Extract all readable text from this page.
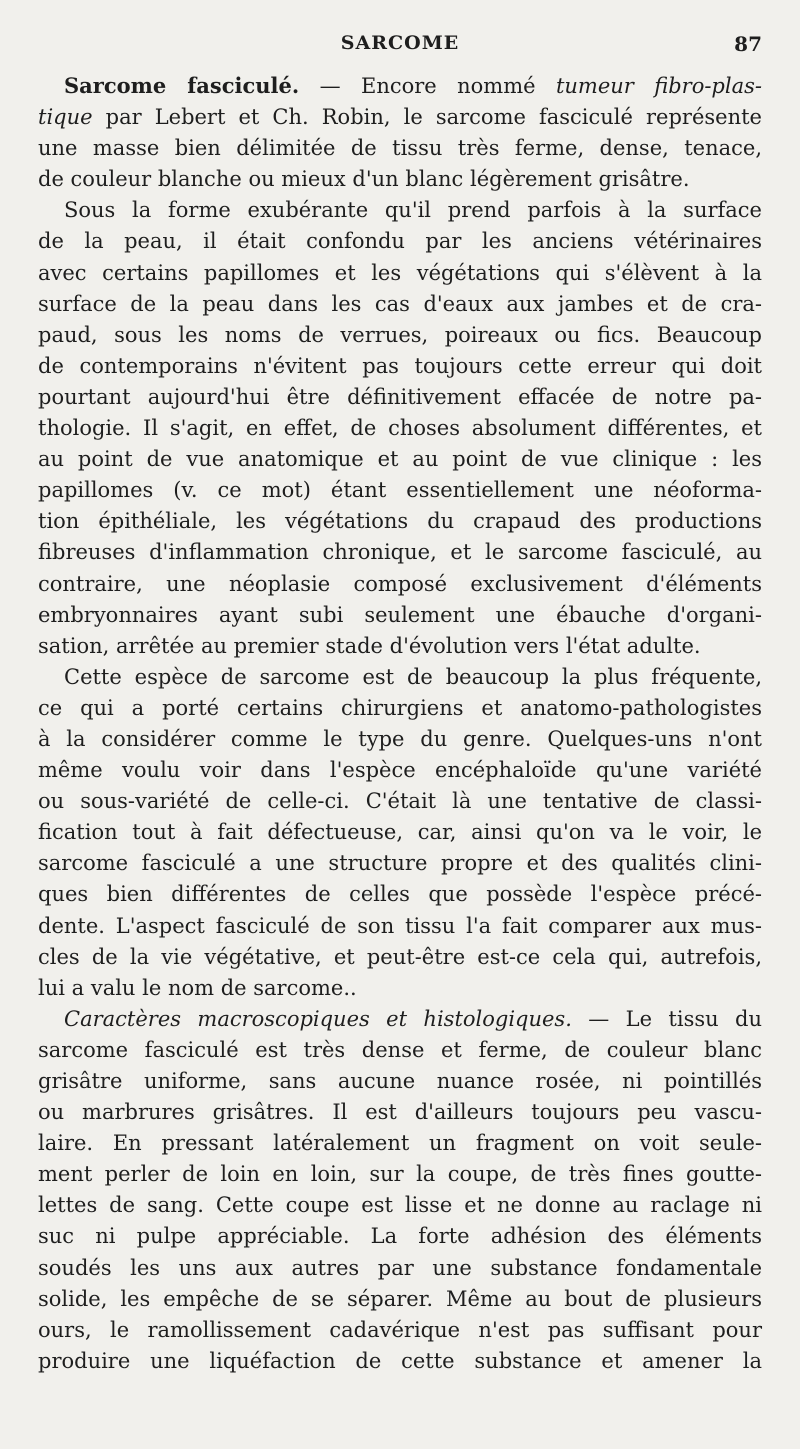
SARCOME	87
Sarcome fasciculé. — Encore nommé tumeur fibro-plas-
tique par Lebert et Ch. Robin, le sarcome fasciculé représente
une masse bien délimitée de tissu très ferme, dense, tenace,
de couleur blanche ou mieux d'un blanc légèrement grisâtre.
Sous la forme exubérante qu'il prend parfois à la surface
de la peau, il était confondu par les anciens vétérinaires
avec certains papillomes et les végétations qui s'élèvent à la
surface de la peau dans les cas d'eaux aux jambes et de cra-
paud, sous les noms de verrues, poireaux ou fics. Beaucoup
de contemporains n'évitent pas toujours cette erreur qui doit
pourtant aujourd'hui être définitivement effacée de notre pa-
thologie. Il s'agit, en effet, de choses absolument différentes, et
au point de vue anatomique et au point de vue clinique : les
papillomes (v. ce mot) étant essentiellement une néoforma-
tion épithéliale, les végétations du crapaud des productions
fibreuses d'inflammation chronique, et le sarcome fasciculé, au
contraire, une néoplasie composé exclusivement d'éléments
embryonnaires ayant subi seulement une ébauche d'organi-
sation, arrêtée au premier stade d'évolution vers l'état adulte.
Cette espèce de sarcome est de beaucoup la plus fréquente,
ce qui a porté certains chirurgiens et anatomo-pathologistes
à la considérer comme le type du genre. Quelques-uns n'ont
même voulu voir dans l'espèce encéphaloïde qu'une variété
ou sous-variété de celle-ci. C'était là une tentative de classi-
fication tout à fait défectueuse, car, ainsi qu'on va le voir, le
sarcome fasciculé a une structure propre et des qualités clini-
ques bien différentes de celles que possède l'espèce précé-
dente. L'aspect fasciculé de son tissu l'a fait comparer aux mus-
cles de la vie végétative, et peut-être est-ce cela qui, autrefois,
lui a valu le nom de sarcome..
Caractères macroscopiques et histologiques. — Le tissu du
sarcome fasciculé est très dense et ferme, de couleur blanc
grisâtre uniforme, sans aucune nuance rosée, ni pointillés
ou marbrures grisâtres. Il est d'ailleurs toujours peu vascu-
laire. En pressant latéralement un fragment on voit seule-
ment perler de loin en loin, sur la coupe, de très fines goutte-
lettes de sang. Cette coupe est lisse et ne donne au raclage ni
suc ni pulpe appréciable. La forte adhésion des éléments
soudés les uns aux autres par une substance fondamentale
solide, les empêche de se séparer. Même au bout de plusieurs
ours, le ramollissement cadavérique n'est pas suffisant pour
produire une liquéfaction de cette substance et amener la
